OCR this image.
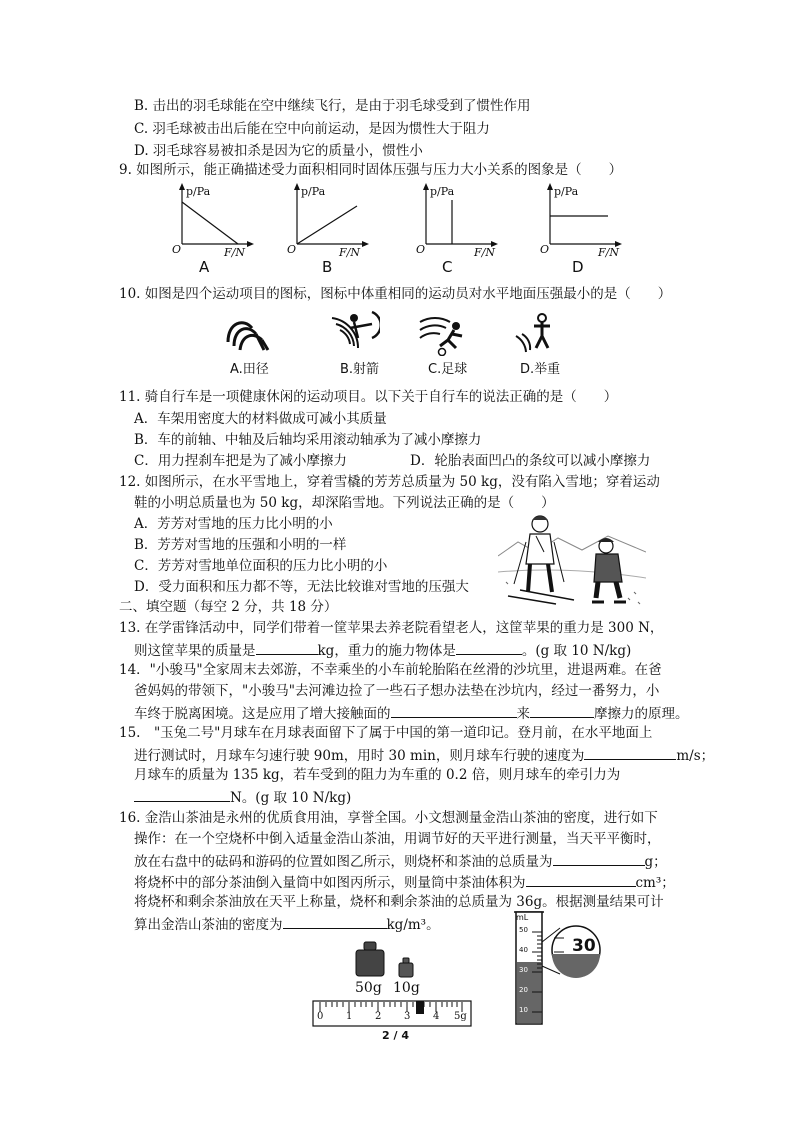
B. 击出的羽毛球能在空中继续飞行，是由于羽毛球受到了惯性作用
C. 羽毛球被击出后能在空中向前运动，是因为惯性大于阻力
D. 羽毛球容易被扣杀是因为它的质量小，惯性小
9. 如图所示，能正确描述受力面积相同时固体压强与压力大小关系的图象是（　　）
p/Pa
F/N
O
A
p/Pa
F/N
O
B
p/Pa
F/N
O
C
p/Pa
F/N
O
D
10. 如图是四个运动项目的图标，图标中体重相同的运动员对水平地面压强最小的是（　　）
A.田径	B.射箭	C.足球	D.举重
11. 骑自行车是一项健康休闲的运动项目。以下关于自行车的说法正确的是（　　）
A．车架用密度大的材料做成可减小其质量
B．车的前轴、中轴及后轴均采用滚动轴承为了减小摩擦力
C．用力捏刹车把是为了减小摩擦力	D．轮胎表面凹凸的条纹可以减小摩擦力
12. 如图所示，在水平雪地上，穿着雪橇的芳芳总质量为 50 kg，没有陷入雪地；穿着运动
鞋的小明总质量也为 50 kg，却深陷雪地。下列说法正确的是（　　）
A．芳芳对雪地的压力比小明的小
B．芳芳对雪地的压强和小明的一样
C．芳芳对雪地单位面积的压力比小明的小
D．受力面积和压力都不等，无法比较谁对雪地的压强大
二、填空题（每空 2 分，共 18 分）
13. 在学雷锋活动中，同学们带着一筐苹果去养老院看望老人，这筐苹果的重力是 300 N，
则这筐苹果的质量是	kg，重力的施力物体是	。(g 取 10 N/kg)
14．"小骏马"全家周末去郊游，不幸乘坐的小车前轮胎陷在丝滑的沙坑里，进退两难。在爸
爸妈妈的带领下，"小骏马"去河滩边捡了一些石子想办法垫在沙坑内，经过一番努力，小
车终于脱离困境。这是应用了增大接触面的	来	摩擦力的原理。
15.　"玉兔二号"月球车在月球表面留下了属于中国的第一道印记。登月前，在水平地面上
进行测试时，月球车匀速行驶 90m，用时 30 min，则月球车行驶的速度为	m/s；
月球车的质量为 135 kg，若车受到的阻力为车重的 0.2 倍，则月球车的牵引力为
N。(g 取 10 N/kg)
16. 金浩山茶油是永州的优质食用油，享誉全国。小文想测量金浩山茶油的密度，进行如下
操作：在一个空烧杯中倒入适量金浩山茶油，用调节好的天平进行测量，当天平平衡时，
放在右盘中的砝码和游码的位置如图乙所示，则烧杯和茶油的总质量为	g；
将烧杯中的部分茶油倒入量筒中如图丙所示，则量筒中茶油体积为	cm³；
将烧杯和剩余茶油放在天平上称量，烧杯和剩余茶油的总质量为 36g。根据测量结果可计
算出金浩山茶油的密度为	kg/m³。
50g 10g
0 1 2 3 4 5g
mL
50
40
30
20
10
30
2 / 4
